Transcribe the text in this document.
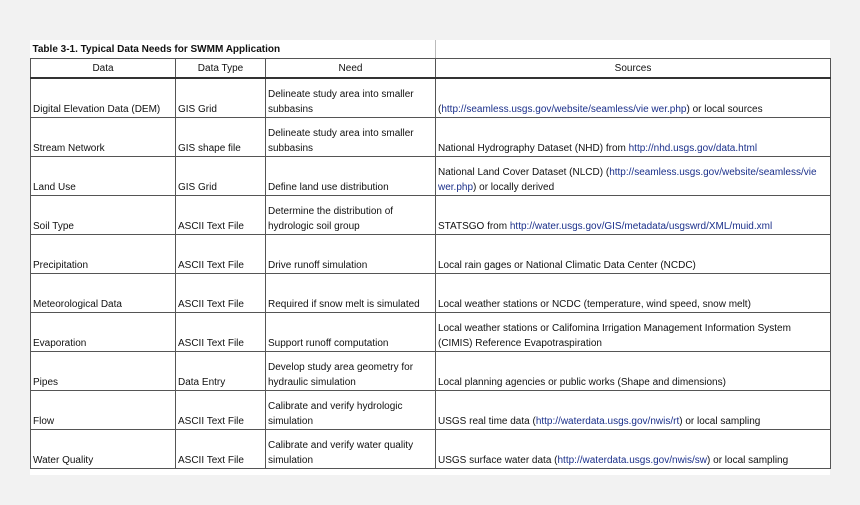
Table 3-1. Typical Data Needs for SWMM Application			
Data	Data Type	Need	Sources
Digital Elevation Data (DEM)	GIS Grid	Delineate study area into smaller subbasins	(http://seamless.usgs.gov/website/seamless/vie wer.php) or local sources
Stream Network	GIS shape file	Delineate study area into smaller subbasins	National Hydrography Dataset (NHD) from http://nhd.usgs.gov/data.html
Land Use	GIS Grid	Define land use distribution	National Land Cover Dataset (NLCD) (http://seamless.usgs.gov/website/seamless/vie wer.php) or locally derived
Soil Type	ASCII Text File	Determine the distribution of hydrologic soil group	STATSGO from http://water.usgs.gov/GIS/metadata/usgswrd/XML/muid.xml
Precipitation	ASCII Text File	Drive runoff simulation	Local rain gages or National Climatic Data Center (NCDC)
Meteorological Data	ASCII Text File	Required if snow melt is simulated	Local weather stations or NCDC (temperature, wind speed, snow melt)
Evaporation	ASCII Text File	Support runoff computation	Local weather stations or Califomina Irrigation Management Information System (CIMIS) Reference Evapotraspiration
Pipes	Data Entry	Develop study area geometry for hydraulic simulation	Local planning agencies or public works (Shape and dimensions)
Flow	ASCII Text File	Calibrate and verify hydrologic simulation	USGS real time data (http://waterdata.usgs.gov/nwis/rt) or local sampling
Water Quality	ASCII Text File	Calibrate and verify water quality simulation	USGS surface water data (http://waterdata.usgs.gov/nwis/sw) or local sampling
